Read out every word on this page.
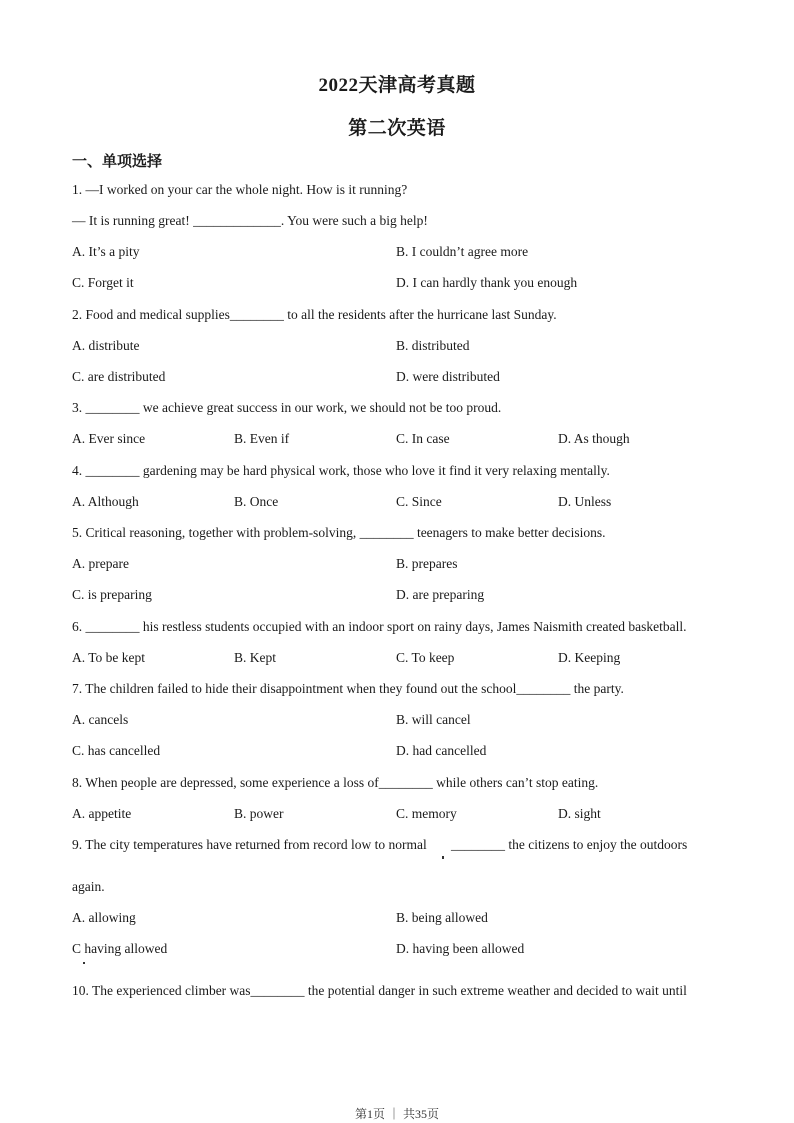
2022天津高考真题
第二次英语
一、单项选择
1. —I worked on your car the whole night. How is it running?
— It is running great! _____________. You were such a big help!
A. It’s a pity	B. I couldn’t agree more
C. Forget it	D. I can hardly thank you enough
2. Food and medical supplies________ to all the residents after the hurricane last Sunday.
A. distribute	B. distributed
C. are distributed	D. were distributed
3. ________ we achieve great success in our work, we should not be too proud.
A. Ever since	B. Even if	C. In case	D. As though
4. ________ gardening may be hard physical work, those who love it find it very relaxing mentally.
A. Although	B. Once	C. Since	D. Unless
5. Critical reasoning, together with problem-solving, ________ teenagers to make better decisions.
A. prepare	B. prepares
C. is preparing	D. are preparing
6. ________ his restless students occupied with an indoor sport on rainy days, James Naismith created basketball.
A. To be kept	B. Kept	C. To keep	D. Keeping
7. The children failed to hide their disappointment when they found out the school________ the party.
A. cancels	B. will cancel
C. has cancelled	D. had cancelled
8. When people are depressed, some experience a loss of________ while others can’t stop eating.
A. appetite	B. power	C. memory	D. sight
9. The city temperatures have returned from record low to normal ________ the citizens to enjoy the outdoors
again.
A. allowing	B. being allowed
C having allowed	D. having been allowed
10. The experienced climber was________ the potential danger in such extreme weather and decided to wait until
第1页 ｜ 共35页
